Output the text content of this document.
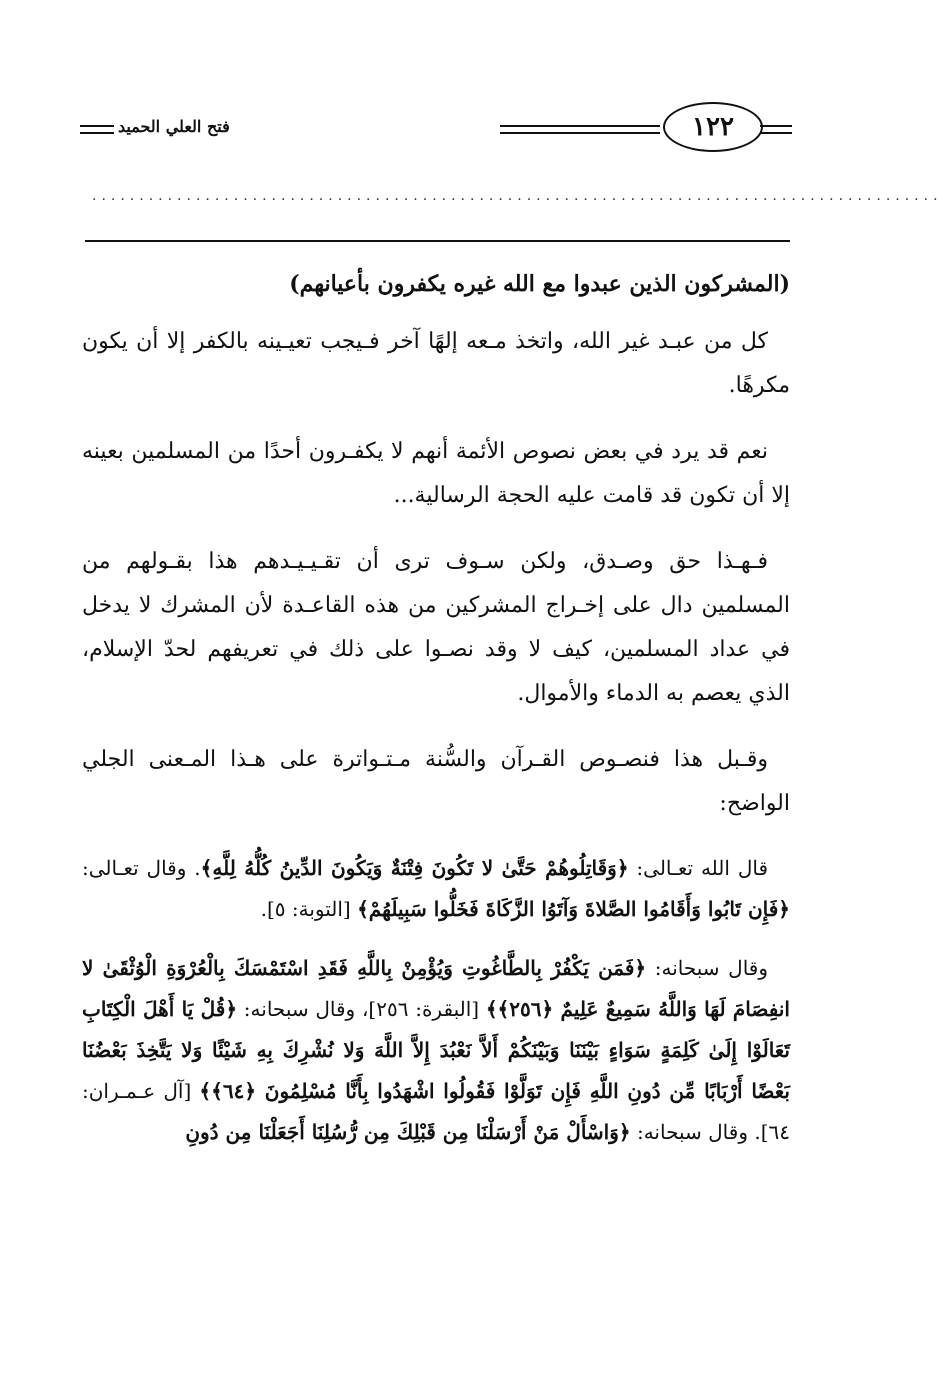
فتح العلي الحميد	١٢٢
..........................................................................................

(المشركون الذين عبدوا مع الله غيره يكفرون بأعيانهم)

كل من عبـد غير الله، واتخذ مـعه إلهًا آخر فـيجب تعيـينه بالكفر إلا أن يكون مكرهًا.

نعم قد يرد في بعض نصوص الأئمة أنهم لا يكفـرون أحدًا من المسلمين بعينه إلا أن تكون قد قامت عليه الحجة الرسالية...

فـهـذا حق وصـدق، ولكن سـوف ترى أن تقـيـيـدهم هذا بقـولهم من المسلمين دال على إخـراج المشركين من هذه القاعـدة لأن المشرك لا يدخل في عداد المسلمين، كيف لا وقد نصـوا على ذلك في تعريفهم لحدّ الإسلام، الذي يعصم به الدماء والأموال.

وقـبل هذا فنصـوص القـرآن والسُّنة مـتـواترة على هـذا المـعنى الجلي الواضح:

قال الله تعـالى: ﴿وَقَاتِلُوهُمْ حَتَّىٰ لا تَكُونَ فِتْنَةٌ وَيَكُونَ الدِّينُ كُلُّهُ لِلَّهِ﴾. وقال تعـالى: ﴿فَإِن تَابُوا وَأَقَامُوا الصَّلاةَ وَآتَوُا الزَّكَاةَ فَخَلُّوا سَبِيلَهُمْ﴾ [التوبة: ٥].

وقال سبحانه: ﴿فَمَن يَكْفُرْ بِالطَّاغُوتِ وَيُؤْمِنْ بِاللَّهِ فَقَدِ اسْتَمْسَكَ بِالْعُرْوَةِ الْوُثْقَىٰ لا انفِصَامَ لَهَا وَاللَّهُ سَمِيعٌ عَلِيمٌ ﴿٢٥٦﴾﴾ [البقرة: ٢٥٦]، وقال سبحانه: ﴿قُلْ يَا أَهْلَ الْكِتَابِ تَعَالَوْا إِلَىٰ كَلِمَةٍ سَوَاءٍ بَيْنَنَا وَبَيْنَكُمْ أَلاَّ نَعْبُدَ إِلاَّ اللَّهَ وَلا نُشْرِكَ بِهِ شَيْئًا وَلا يَتَّخِذَ بَعْضُنَا بَعْضًا أَرْبَابًا مِّن دُونِ اللَّهِ فَإِن تَوَلَّوْا فَقُولُوا اشْهَدُوا بِأَنَّا مُسْلِمُونَ ﴿٦٤﴾﴾ [آل عـمـران: ٦٤]. وقال سبحانه: ﴿وَاسْأَلْ مَنْ أَرْسَلْنَا مِن قَبْلِكَ مِن رُّسُلِنَا أَجَعَلْنَا مِن دُونِ
